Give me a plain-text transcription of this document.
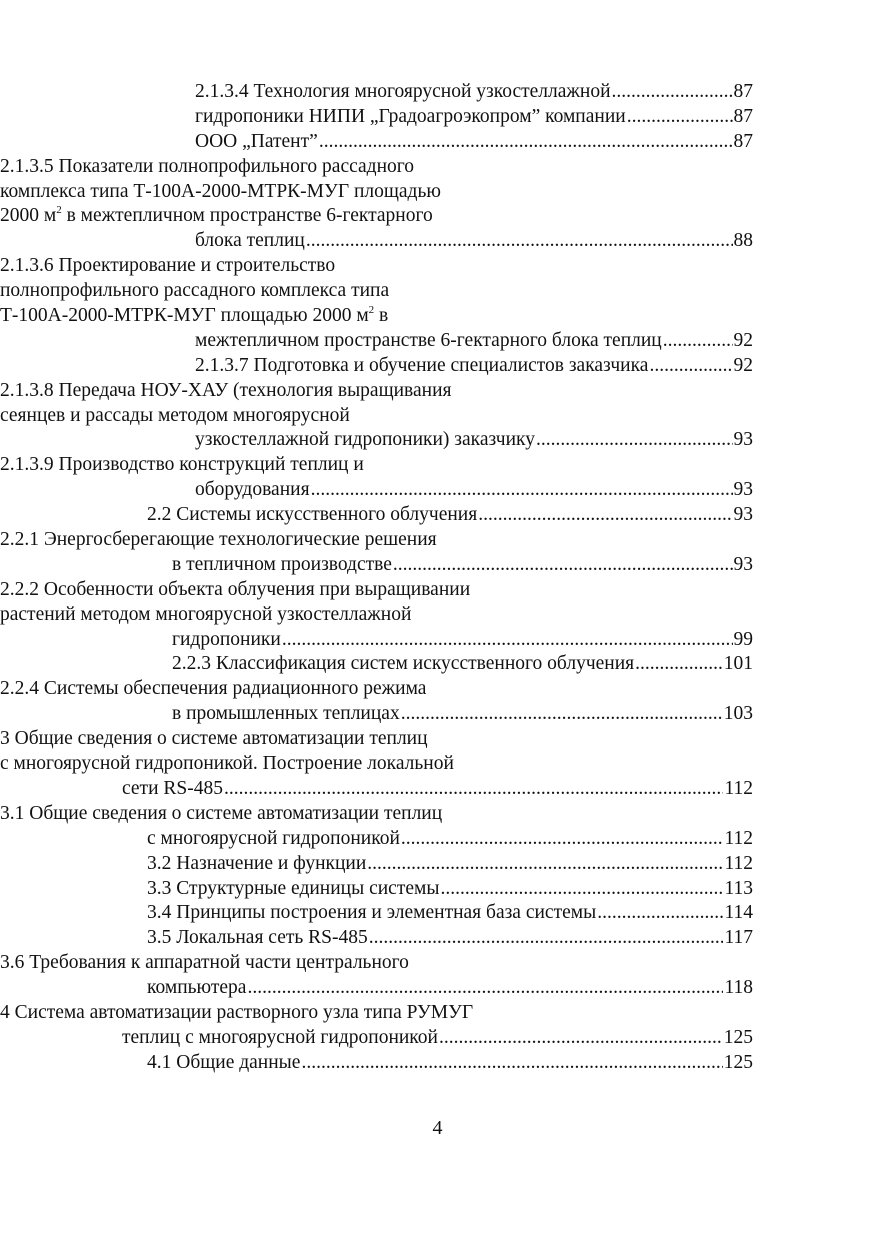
2.1.3.4 Технология многоярусной узкостеллажной .....	87
гидропоники НИПИ „Градоагроэкопром” компании .....	87
ООО „Патент” .....	87
2.1.3.5 Показатели полнопрофильного рассадного
комплекса типа Т-100А-2000-МТРК-МУГ площадью
2000 $м^2$ в межтепличном пространстве 6-гектарного
блока теплиц .....	88
2.1.3.6 Проектирование и строительство
полнопрофильного рассадного комплекса типа
Т-100А-2000-МТРК-МУГ площадью 2000 $м^2$ в
межтепличном пространстве 6-гектарного блока теплиц .....	92
2.1.3.7 Подготовка и обучение специалистов заказчика .....	92
2.1.3.8 Передача НОУ-ХАУ (технология выращивания
сеянцев и рассады методом многоярусной
узкостеллажной гидропоники) заказчику .....	93
2.1.3.9 Производство конструкций теплиц и
оборудования .....	93
2.2 Системы искусственного облучения .....	93
2.2.1 Энергосберегающие технологические решения
в тепличном производстве .....	93
2.2.2 Особенности объекта облучения при выращивании
растений методом многоярусной узкостеллажной
гидропоники .....	99
2.2.3 Классификация систем искусственного облучения .....	101
2.2.4 Системы обеспечения радиационного режима
в промышленных теплицах .....	103
3 Общие сведения о системе автоматизации теплиц
с многоярусной гидропоникой. Построение локальной
сети RS-485 .....	112
3.1 Общие сведения о системе автоматизации теплиц
с многоярусной гидропоникой .....	112
3.2 Назначение и функции .....	112
3.3 Структурные единицы системы .....	113
3.4 Принципы построения и элементная база системы .....	114
3.5 Локальная сеть RS-485 .....	117
3.6 Требования к аппаратной части центрального
компьютера .....	118
4 Система автоматизации растворного узла типа РУМУГ
теплиц с многоярусной гидропоникой .....	125
4.1 Общие данные .....	125
4
